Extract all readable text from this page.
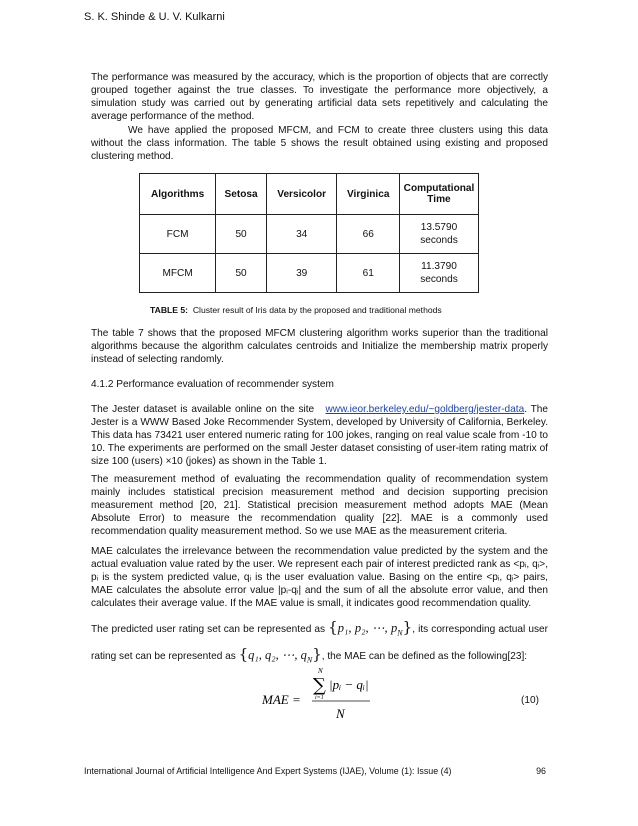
S. K. Shinde & U. V. Kulkarni
The performance was measured by the accuracy, which is the proportion of objects that are correctly grouped together against the true classes. To investigate the performance more objectively, a simulation study was carried out by generating artificial data sets repetitively and calculating the average performance of the method.
We have applied the proposed MFCM, and FCM to create three clusters using this data without the class information. The table 5 shows the result obtained using existing and proposed clustering method.
Algorithms	Setosa	Versicolor	Virginica	Computational Time
FCM	50	34	66	13.5790
seconds
MFCM	50	39	61	11.3790
seconds
TABLE 5: Cluster result of Iris data by the proposed and traditional methods
The table 7 shows that the proposed MFCM clustering algorithm works superior than the traditional algorithms because the algorithm calculates centroids and Initialize the membership matrix properly instead of selecting randomly.
4.1.2 Performance evaluation of recommender system
The Jester dataset is available online on the site www.ieor.berkeley.edu/~goldberg/jester-data. The Jester is a WWW Based Joke Recommender System, developed by University of California, Berkeley. This data has 73421 user entered numeric rating for 100 jokes, ranging on real value scale from -10 to 10. The experiments are performed on the small Jester dataset consisting of user-item rating matrix of size 100 (users) ×10 (jokes) as shown in the Table 1.
The measurement method of evaluating the recommendation quality of recommendation system mainly includes statistical precision measurement method and decision supporting precision measurement method [20, 21]. Statistical precision measurement method adopts MAE (Mean Absolute Error) to measure the recommendation quality [22]. MAE is a commonly used recommendation quality measurement method. So we use MAE as the measurement criteria.
MAE calculates the irrelevance between the recommendation value predicted by the system and the actual evaluation value rated by the user. We represent each pair of interest predicted rank as <pᵢ, qᵢ>, pᵢ is the system predicted value, qᵢ is the user evaluation value. Basing on the entire <pᵢ, qᵢ> pairs, MAE calculates the absolute error value |pᵢ-qᵢ| and the sum of all the absolute error value, and then calculates their average value. If the MAE value is small, it indicates good recommendation quality.
The predicted user rating set can be represented as {p₁, p₂, ⋯, $p_N$}, its corresponding actual user rating set can be represented as {q₁, q₂, ⋯, $q_N$}, the MAE can be defined as the following[23]:
MAE =
N
∑
i=1
|pᵢ − qᵢ|
N
(10)
International Journal of Artificial Intelligence And Expert Systems (IJAE), Volume (1): Issue (4)	96
